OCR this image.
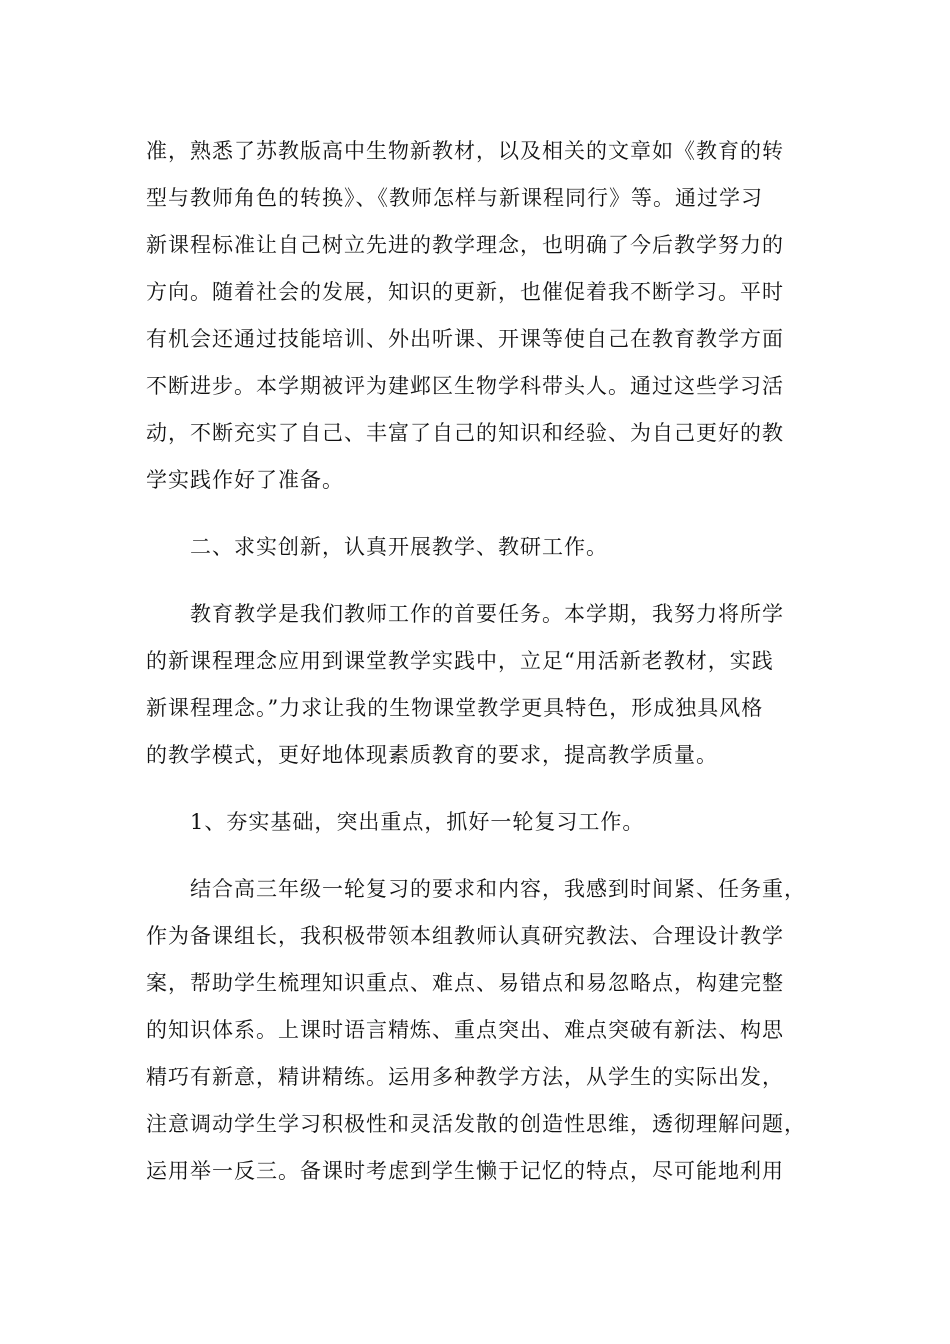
准，熟悉了苏教版高中生物新教材，以及相关的文章如《教育的转
型与教师角色的转换》、《教师怎样与新课程同行》等。通过学习
新课程标准让自己树立先进的教学理念，也明确了今后教学努力的
方向。随着社会的发展，知识的更新，也催促着我不断学习。平时
有机会还通过技能培训、外出听课、开课等使自己在教育教学方面
不断进步。本学期被评为建邺区生物学科带头人。通过这些学习活
动，不断充实了自己、丰富了自己的知识和经验、为自己更好的教
学实践作好了准备。
二、求实创新，认真开展教学、教研工作。
教育教学是我们教师工作的首要任务。本学期，我努力将所学
的新课程理念应用到课堂教学实践中，立足“用活新老教材，实践
新课程理念。”力求让我的生物课堂教学更具特色，形成独具风格
的教学模式，更好地体现素质教育的要求，提高教学质量。
1、夯实基础，突出重点，抓好一轮复习工作。
结合高三年级一轮复习的要求和内容，我感到时间紧、任务重，
作为备课组长，我积极带领本组教师认真研究教法、合理设计教学
案，帮助学生梳理知识重点、难点、易错点和易忽略点，构建完整
的知识体系。上课时语言精炼、重点突出、难点突破有新法、构思
精巧有新意，精讲精练。运用多种教学方法，从学生的实际出发，
注意调动学生学习积极性和灵活发散的创造性思维，透彻理解问题，
运用举一反三。备课时考虑到学生懒于记忆的特点，尽可能地利用
